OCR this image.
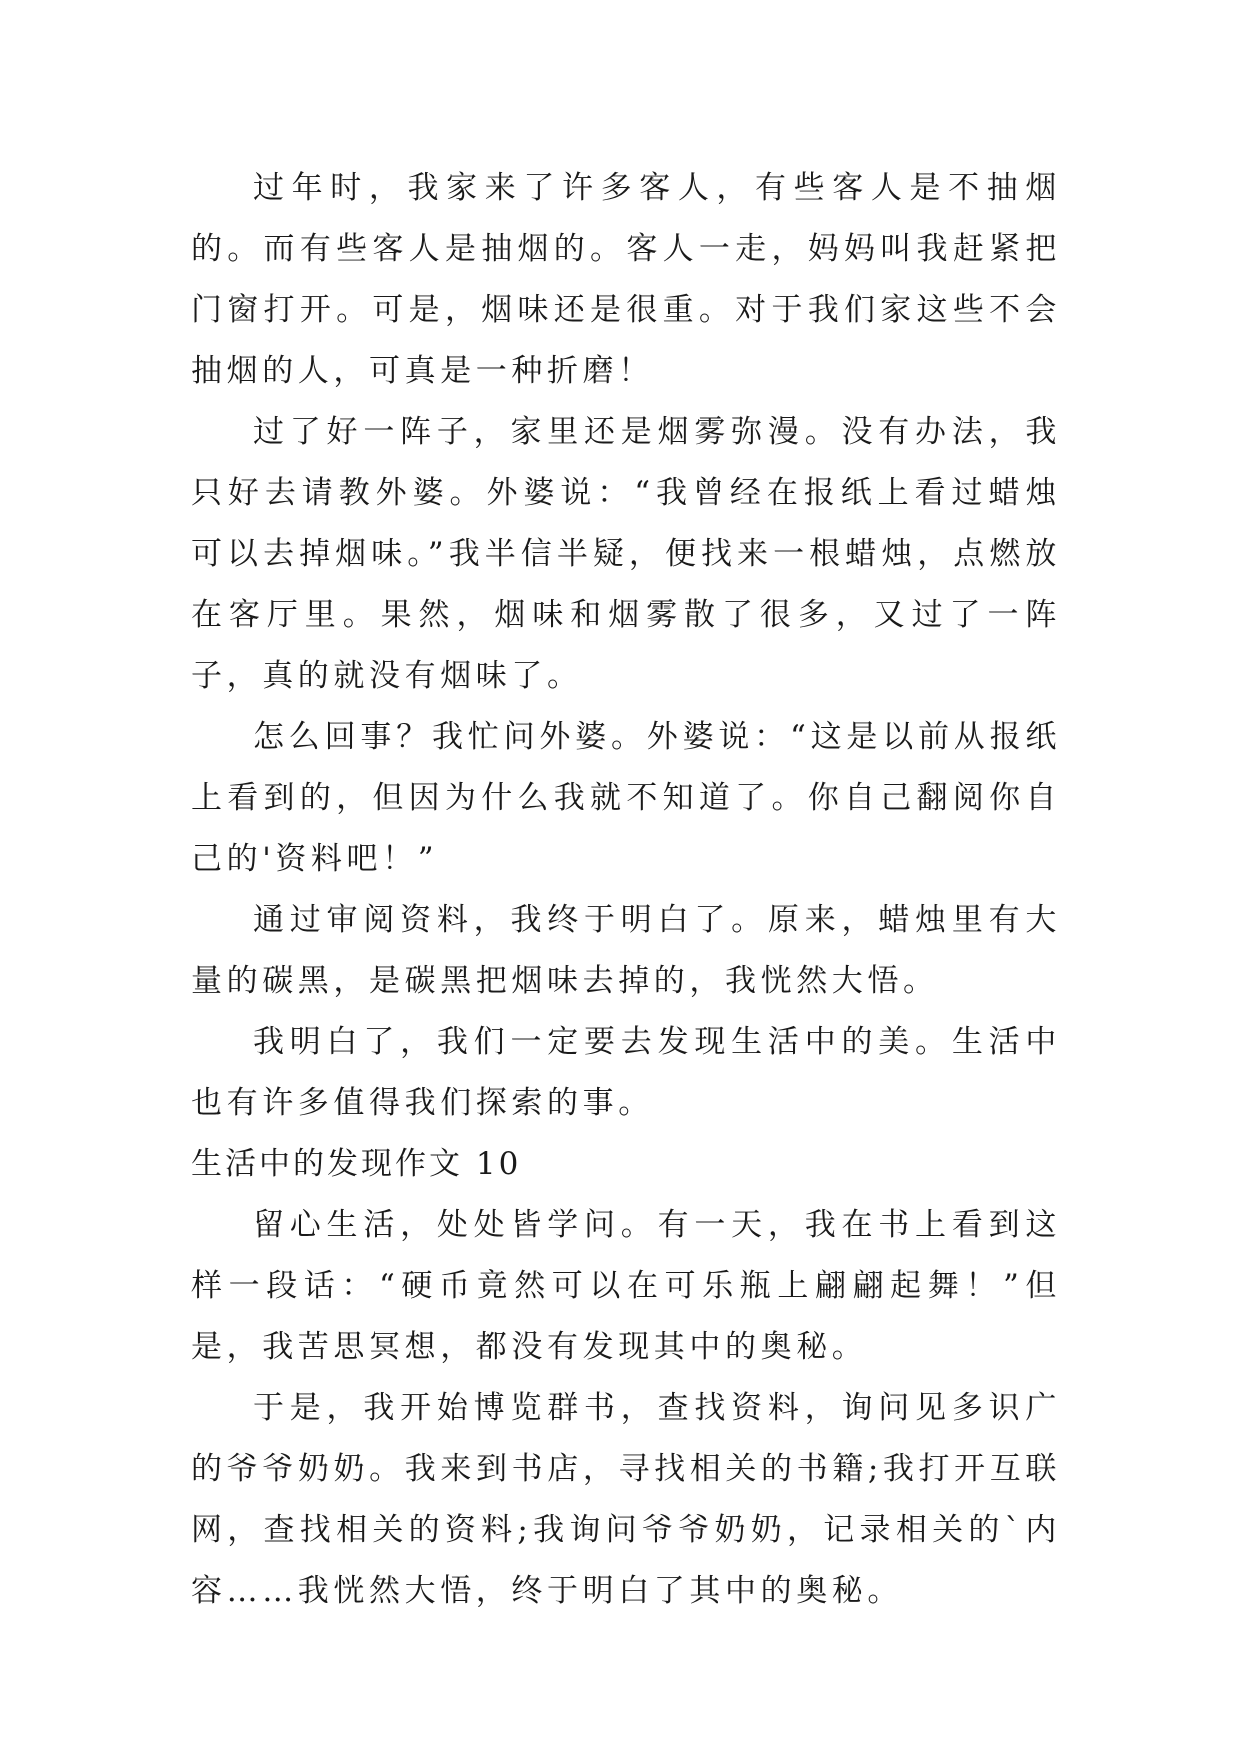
过年时，我家来了许多客人，有些客人是不抽烟的。而有些客人是抽烟的。客人一走，妈妈叫我赶紧把门窗打开。可是，烟味还是很重。对于我们家这些不会抽烟的人，可真是一种折磨！

过了好一阵子，家里还是烟雾弥漫。没有办法，我只好去请教外婆。外婆说：“我曾经在报纸上看过蜡烛可以去掉烟味。”我半信半疑，便找来一根蜡烛，点燃放在客厅里。果然，烟味和烟雾散了很多，又过了一阵子，真的就没有烟味了。

怎么回事？我忙问外婆。外婆说：“这是以前从报纸上看到的，但因为什么我就不知道了。你自己翻阅你自己的'资料吧！”

通过审阅资料，我终于明白了。原来，蜡烛里有大量的碳黑，是碳黑把烟味去掉的，我恍然大悟。

我明白了，我们一定要去发现生活中的美。生活中也有许多值得我们探索的事。

生活中的发现作文 10

留心生活，处处皆学问。有一天，我在书上看到这样一段话：“硬币竟然可以在可乐瓶上翩翩起舞！”但是，我苦思冥想，都没有发现其中的奥秘。

于是，我开始博览群书，查找资料，询问见多识广的爷爷奶奶。我来到书店，寻找相关的书籍;我打开互联网，查找相关的资料;我询问爷爷奶奶，记录相关的`内容……我恍然大悟，终于明白了其中的奥秘。
